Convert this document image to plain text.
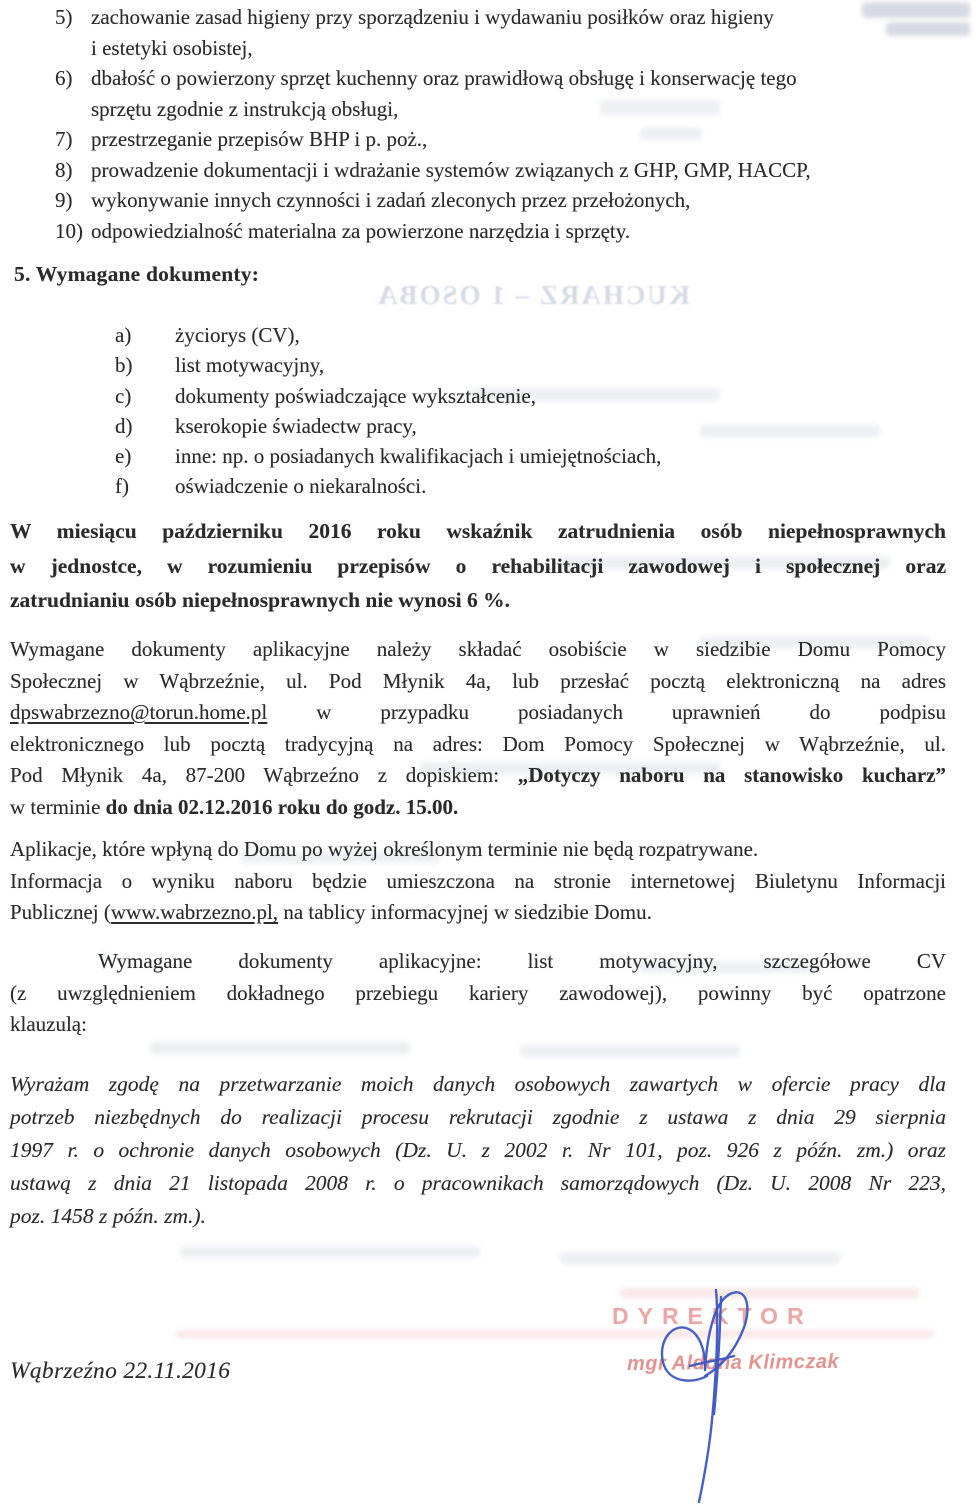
KUCHARZ – 1 OSOBA
5) zachowanie zasad higieny przy sporządzeniu i wydawaniu posiłków oraz higieny
i estetyki osobistej,
6) dbałość o powierzony sprzęt kuchenny oraz prawidłową obsługę i konserwację tego
sprzętu zgodnie z instrukcją obsługi,
7) przestrzeganie przepisów BHP i p. poż.,
8) prowadzenie dokumentacji i wdrażanie systemów związanych z GHP, GMP, HACCP,
9) wykonywanie innych czynności i zadań zleconych przez przełożonych,
10) odpowiedzialność materialna za powierzone narzędzia i sprzęty.
5. Wymagane dokumenty:
a)	życiorys (CV),
b)	list motywacyjny,
c)	dokumenty poświadczające wykształcenie,
d)	kserokopie świadectw pracy,
e)	inne: np. o posiadanych kwalifikacjach i umiejętnościach,
f)	oświadczenie o niekaralności.
W miesiącu październiku 2016 roku wskaźnik zatrudnienia osób niepełnosprawnych
w jednostce, w rozumieniu przepisów o rehabilitacji zawodowej i społecznej oraz
zatrudnianiu osób niepełnosprawnych nie wynosi 6 %.
Wymagane dokumenty aplikacyjne należy składać osobiście w siedzibie Domu Pomocy
Społecznej w Wąbrzeźnie, ul. Pod Młynik 4a, lub przesłać pocztą elektroniczną na adres
dpswabrzezno@torun.home.pl w przypadku posiadanych uprawnień do podpisu
elektronicznego lub pocztą tradycyjną na adres: Dom Pomocy Społecznej w Wąbrzeźnie, ul.
Pod Młynik 4a, 87-200 Wąbrzeźno z dopiskiem: „Dotyczy naboru na stanowisko kucharz”
w terminie do dnia 02.12.2016 roku do godz. 15.00.
Aplikacje, które wpłyną do Domu po wyżej określonym terminie nie będą rozpatrywane.
Informacja o wyniku naboru będzie umieszczona na stronie internetowej Biuletynu Informacji
Publicznej (www.wabrzezno.pl, na tablicy informacyjnej w siedzibie Domu.
Wymagane dokumenty aplikacyjne: list motywacyjny, szczegółowe CV
(z uwzględnieniem dokładnego przebiegu kariery zawodowej), powinny być opatrzone
klauzulą:
Wyrażam zgodę na przetwarzanie moich danych osobowych zawartych w ofercie pracy dla
potrzeb niezbędnych do realizacji procesu rekrutacji zgodnie z ustawa z dnia 29 sierpnia
1997 r. o ochronie danych osobowych (Dz. U. z 2002 r. Nr 101, poz. 926 z późn. zm.) oraz
ustawą z dnia 21 listopada 2008 r. o pracownikach samorządowych (Dz. U. 2008 Nr 223,
poz. 1458 z późn. zm.).
Wąbrzeźno 22.11.2016
DYREKTOR
mgr Aldona Klimczak
